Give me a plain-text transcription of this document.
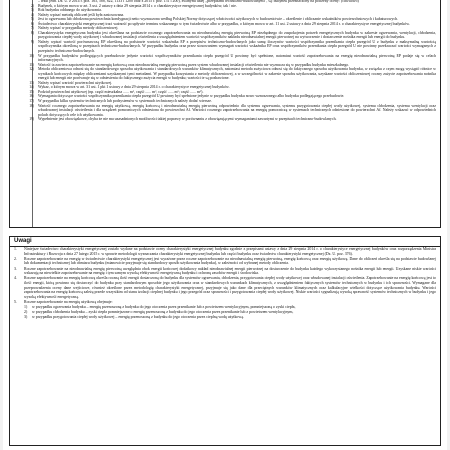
– tekst jedn. Dz. U. z 2014 r. poz. 163, 588, 822, 1133 i 1200 oraz z 2015 r. poz. 151 i 200), zwanymi dalej „przepisami techniczno-budowlanymi”, są: budynek przeznaczony na potrzeby oceny: (chwilowo)
2) Budynek, o którym mowa w art. 3 ust. 2 ustawy z dnia 29 sierpnia 2014 r. o charakterystyce energetycznej budynków; tak / nie.
3) Rok budynku oddanego do użytkowania.
4) Należy wpisać metodę obliczeń jeśli była zastosowana.
5) Jest to ogrzewana lub chłodzona powierzchnia kondygnacji netto wyznaczona według Polskiej Normy dotyczącej właściwości użytkowych w budownictwie – określenie i obliczanie wskaźników powierzchniowych i kubaturowych.
6) Świadectwo charakterystyki energetycznej traci ważność po upływie terminu wskazanego w tym świadectwie albo w przypadku, o którym mowa w art. 11 ust. 2 ustawy z dnia 29 sierpnia 2014 r. o charakterystyce energetycznej budynków.
7) Należy wpisać w przypadku metody obliczeniowej.
8) Charakterystyka energetyczna budynku jest określana na podstawie rocznego zapotrzebowania na nieodnawialną energię pierwotną EP niezbędnego do zaspokojenia potrzeb energetycznych budynku w zakresie ogrzewania, wentylacji, chłodzenia, przygotowania ciepłej wody użytkowej i wbudowanej instalacji oświetlenia z uwzględnieniem wartości współczynników nakładu nieodnawialnej energii pierwotnej na wytworzenie i dostarczenie nośnika energii lub energii do budynku.
9) Należy wpisać wartość porównawczą EP określoną na podstawie wartości wskaźnika EP z przepisów techniczno-budowlanych jako sumę iloczynów wartości współczynnika przenikania ciepła przegród U z budynku z maksymalną wartością współczynnika określoną w przepisach techniczno-budowlanych. W przypadku budynku oraz przez stosowaniem wymagań wartości wskaźnika EP oraz współczynników przenikania ciepła przegród U nie powinny przekraczać wartości wymaganych z przepisów techniczno-budowlanych.
10) W przypadku budynków podlegających przebudowie jedynie wartości współczynników przenikania ciepła przegród U powinny być spełnione, natomiast wartość zapotrzebowania na energię nieodnawialną pierwotną EP podaje się w celach informacyjnych.
11) Wartość ta zawiera zapotrzebowanie na energię końcową oraz nieodnawialną energię pierwotną przez system wbudowanej instalacji oświetlenia nie wyznacza się w przypadku budynku mieszkalnego.
12) Metoda obliczeniowa odnosi się do standardowego sposobu użytkowania i standardowych warunków klimatycznych, natomiast metoda zużyciowa odnosi się do faktycznego sposobu użytkowania budynku, w związku z czym mogą wystąpić różnice w wynikach końcowych między obliczeniami uzyskanymi tymi metodami. W przypadku korzystania z metody obliczeniowej, a w szczególności w zakresie sposobu użytkowania, uzyskane wartości obliczeniowej roczny zużycie zapotrzebowania nośnika energii lub energii nie porównuje się w odniesieniu do faktycznego zużycia energii w budynku; wartości te są pozbawione.
13) Należy wpisać wartość powierzchni użytkowej.
14) Wykaz, o którym mowa w art. 31 ust. 1 pkt 1 ustawy z dnia 29 sierpnia 2014 r. o charakterystyce energetycznej budynków.
15) Podział powierzchni użytkowej (np. część mieszkalna ...... m², część ...... m², część ...... m²; część ...... m²).
16) Wymagania dotyczące wartości współczynnika przenikania ciepła przegród U powinny być spełnione jedynie w przypadku budynku nowo wznoszonego albo budynku podlegającego przebudowie.
17) W przypadku kilku systemów technicznych lub podsystemów w systemach technicznych należy dodać wiersze.
18) Wartość rocznego zapotrzebowania na energię użytkową, energię końcową i nieodnawialną energię pierwotną odpowiednio dla systemu ogrzewania, systemu przygotowania ciepłej wody użytkowej, systemu chłodzenia, systemu wentylacji oraz wbudowanej instalacji oświetlenia i dla urządzeń pomocniczych odniesiona do powierzchni Af. Wartości rocznego zapotrzebowania na energię pomocniczą w systemach technicznych odniesione do powierzchni Af. Należy wskazać w odpowiednich polach dotyczących cele ich użytkowania.
19) Wypełnienie jest obowiązkowe, chyba że nie ma uzasadnionych możliwości takiej poprawy w porównaniu z obowiązującymi wymaganiami zawartymi w przepisach techniczno-budowlanych.
Uwagi
1. Niniejsze świadectwo charakterystyki energetycznej zostało wydane na podstawie oceny charakterystyki energetycznej budynku zgodnie z przepisami ustawy z dnia 29 sierpnia 2014 r. o charakterystyce energetycznej budynków oraz rozporządzenia Ministra Infrastruktury i Rozwoju z dnia 27 lutego 2015 r. w sprawie metodologii wyznaczania charakterystyki energetycznej budynku lub części budynku oraz świadectw charakterystyki energetycznej (Dz. U. poz. 376).
2. Roczne zapotrzebowanie na energię w świadectwie charakterystyki energetycznej jest wyrażone przez roczne zapotrzebowanie na nieodnawialną energię pierwotną, energię końcową oraz energię użytkową. Dane do obliczeń określa się na podstawie budowlanej lub dokumentacji technicznej lub obmiaru budynku (mianowicie przyjmuje się standardowy sposób użytkowania budynku), w zależności od wybranej metody obliczenia.
3. Roczne zapotrzebowanie na nieodnawialną energię pierwotną uwzględnia obok energii końcowej dodatkowy nakład nieodnawialnej energii pierwotnej na dostarczenie do budynku każdego wykorzystanego nośnika energii lub energii. Uzyskane niskie wartości wskazują na niewielkie zapotrzebowanie na energię i tym samym wysoką efektywność energetyczną budynku i ochronę zasobów energii i środowiska.
4. Roczne zapotrzebowanie na energię końcową określa roczną ilość energii dostarczoną do budynku dla systemów ogrzewania, chłodzenia, przygotowania ciepłej wody użytkowej oraz wbudowanej instalacji oświetlenia. Zapotrzebowanie na energię końcową jest to ilość energii, którą powinno się dostarczyć do budynku przy standardowym sposobie jego użytkowania oraz w standardowych warunkach klimatycznych, z uwzględnieniem faktycznych systemów technicznych w budynku i ich sprawności. Wymagane dla przeprowadzenia oceny dane wejściowe, również określone przez metodologię charakterystyki energetycznej, przyjmuje się jako dane dla przeciętnych warunków klimatycznych oraz kalkulacyjne wielkości dotyczące użytkowania budynku. Wartości zapotrzebowania na energię końcową zależą przede wszystkim od stanu izolacji cieplnej budynku i jego przegród oraz sprawności i przygotowania ciepłej wody użytkowej. Niskie wartości sygnalizują wysoką sprawność systemów technicznych w budynku i jego wysoką efektywność energetyczną.
5. Roczne zapotrzebowanie na energię użytkową obejmuje:
1) w przypadku ogrzewania budynku – energię przenoszoną z budynku do jego otoczenia przez przenikanie lub z powietrzem wentylacyjnym, pomniejszoną o zyski ciepła,
2) w przypadku chłodzenia budynku – zyski ciepła pomniejszone o energię przenoszoną z budynku do jego otoczenia przez przenikanie lub z powietrzem wentylacyjnym,
3) w przypadku przygotowania ciepłej wody użytkowej – energię przenoszoną z budynku do jego otoczenia przez cieplną wodę użytkową.
